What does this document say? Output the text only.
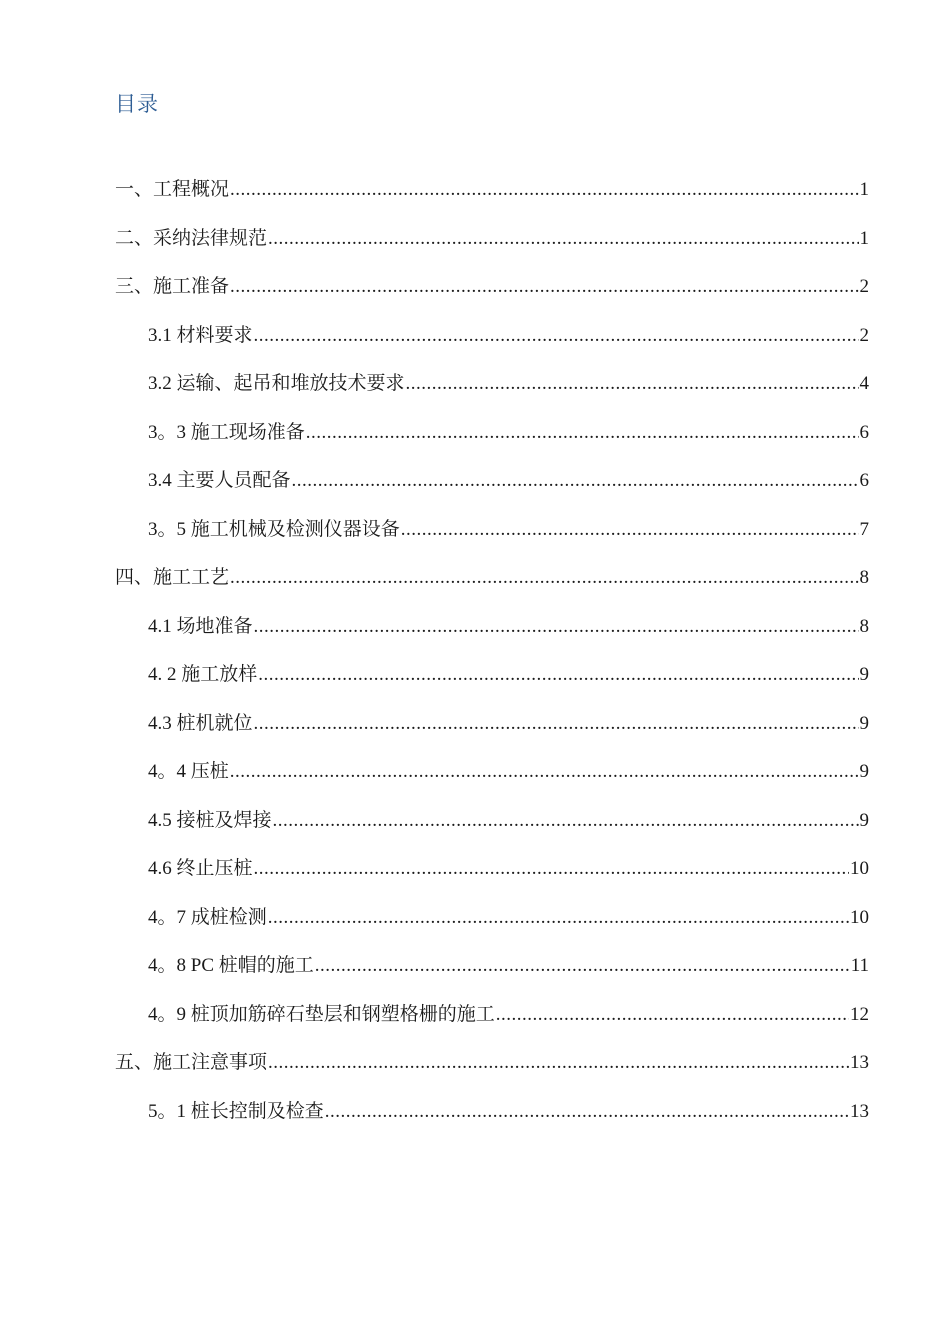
目录
一、工程概况 .....	1
二、采纳法律规范 .....	1
三、施工准备 .....	2
3.1 材料要求 .....	2
3.2 运输、起吊和堆放技术要求 .....	4
3。3 施工现场准备 .....	6
3.4 主要人员配备 .....	6
3。5 施工机械及检测仪器设备 .....	7
四、施工工艺 .....	8
4.1 场地准备 .....	8
4. 2 施工放样 .....	9
4.3 桩机就位 .....	9
4。4 压桩 .....	9
4.5 接桩及焊接 .....	9
4.6 终止压桩 .....	10
4。7 成桩检测 .....	10
4。8 PC 桩帽的施工 .....	11
4。9 桩顶加筋碎石垫层和钢塑格栅的施工 .....	12
五、施工注意事项 .....	13
5。1 桩长控制及检查 .....	13
